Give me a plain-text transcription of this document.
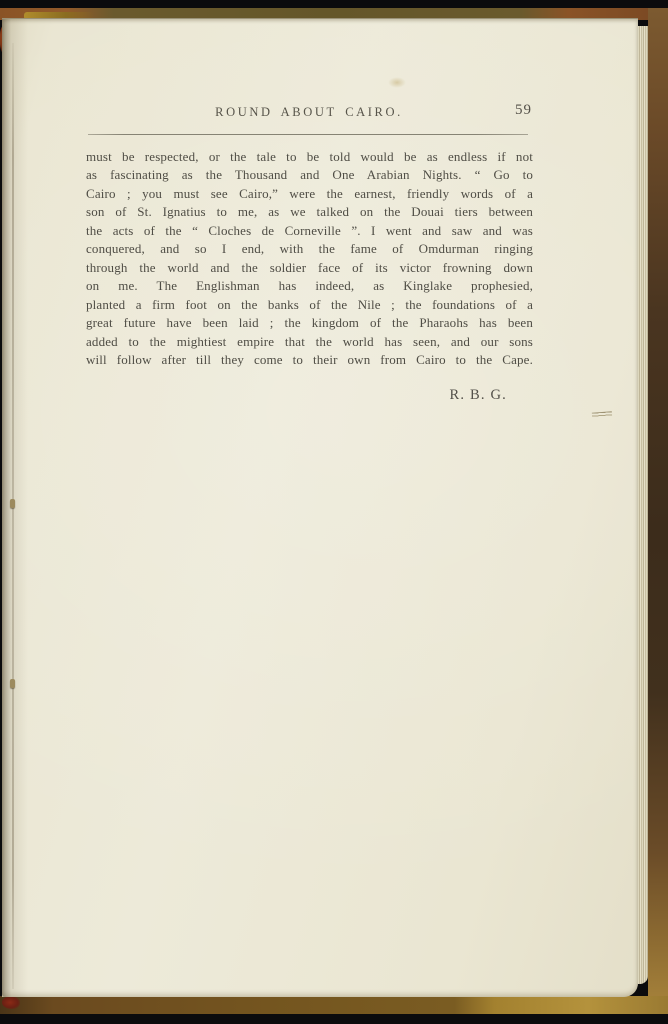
ROUND ABOUT CAIRO.	59
must be respected, or the tale to be told would be as endless if not
as fascinating as the Thousand and One Arabian Nights. “ Go to
Cairo ; you must see Cairo,” were the earnest, friendly words of a
son of St. Ignatius to me, as we talked on the Douai tiers between
the acts of the “ Cloches de Corneville ”. I went and saw and was
conquered, and so I end, with the fame of Omdurman ringing
through the world and the soldier face of its victor frowning down
on me. The Englishman has indeed, as Kinglake prophesied,
planted a firm foot on the banks of the Nile ; the foundations of a
great future have been laid ; the kingdom of the Pharaohs has been
added to the mightiest empire that the world has seen, and our sons
will follow after till they come to their own from Cairo to the Cape.
R. B. G.
